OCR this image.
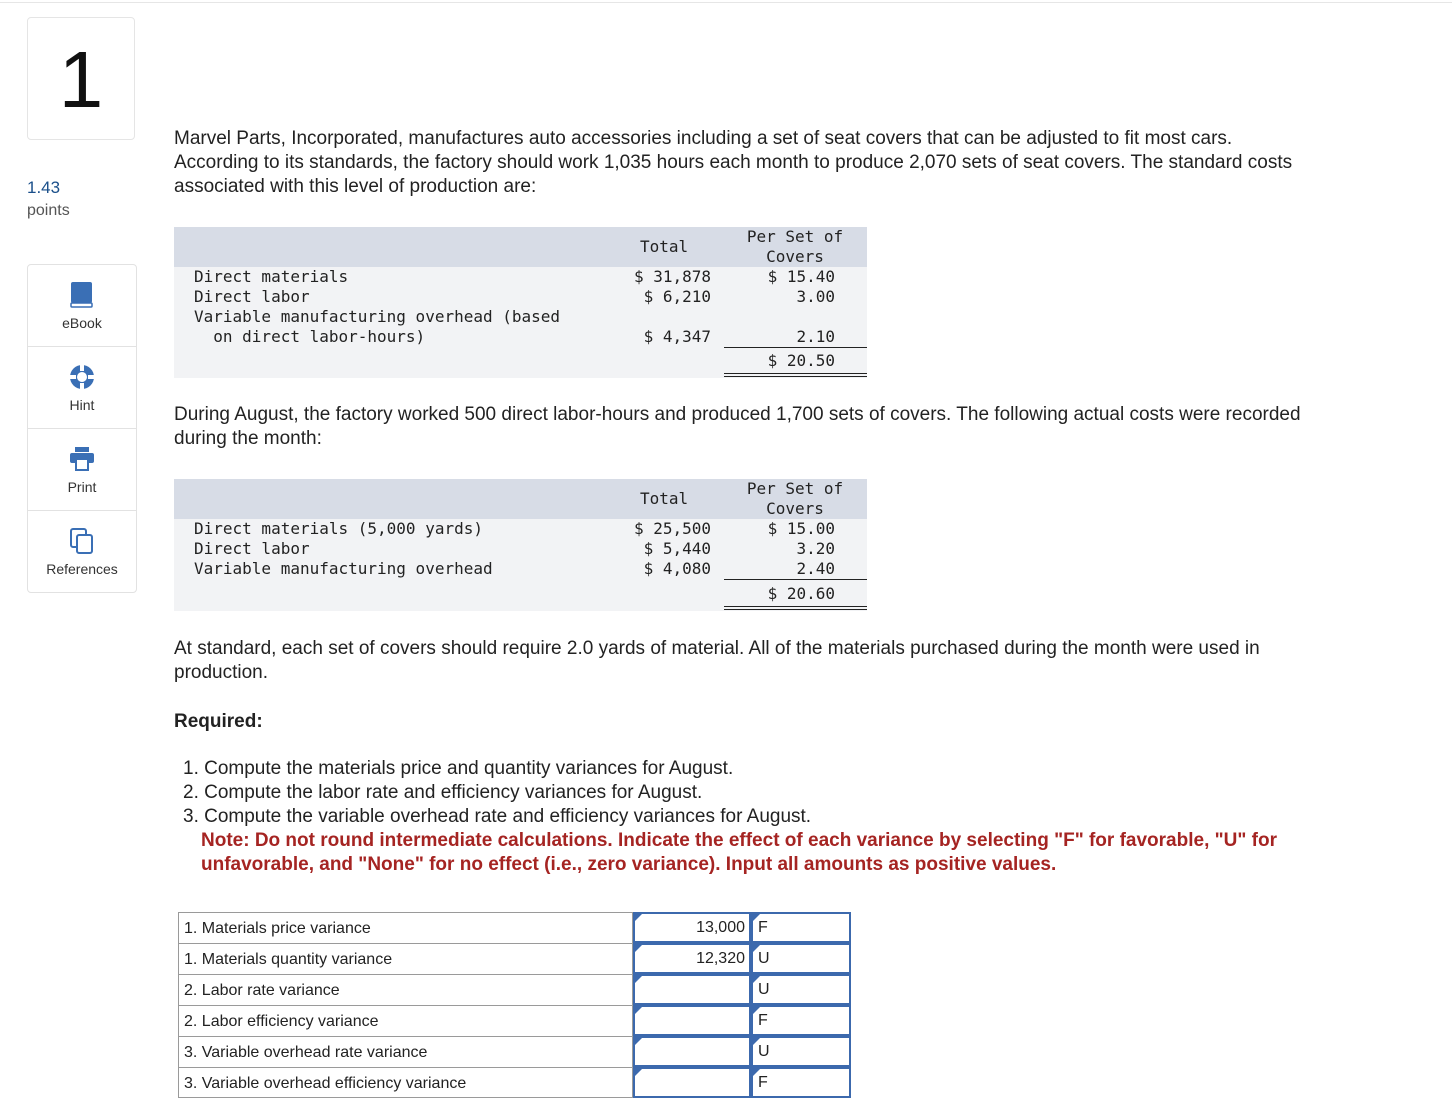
1
1.43
points
eBook
Hint
Print
References
Marvel Parts, Incorporated, manufactures auto accessories including a set of seat covers that can be adjusted to fit most cars.
According to its standards, the factory should work 1,035 hours each month to produce 2,070 sets of seat covers. The standard costs
associated with this level of production are:
Total
Per Set of
Covers
Direct materials	$ 31,878	$ 15.40
Direct labor	$ 6,210	3.00
Variable manufacturing overhead (based
on direct labor-hours)	$ 4,347	2.10
$ 20.50
During August, the factory worked 500 direct labor-hours and produced 1,700 sets of covers. The following actual costs were recorded
during the month:
Total
Per Set of
Covers
Direct materials (5,000 yards)	$ 25,500	$ 15.00
Direct labor	$ 5,440	3.20
Variable manufacturing overhead	$ 4,080	2.40
$ 20.60
At standard, each set of covers should require 2.0 yards of material. All of the materials purchased during the month were used in
production.
Required:
1. Compute the materials price and quantity variances for August.
2. Compute the labor rate and efficiency variances for August.
3. Compute the variable overhead rate and efficiency variances for August.
Note: Do not round intermediate calculations. Indicate the effect of each variance by selecting "F" for favorable, "U" for unfavorable, and "None" for no effect (i.e., zero variance). Input all amounts as positive values.
1. Materials price variance	13,000 F
1. Materials quantity variance	12,320 U
2. Labor rate variance	U
2. Labor efficiency variance	F
3. Variable overhead rate variance	U
3. Variable overhead efficiency variance	F
